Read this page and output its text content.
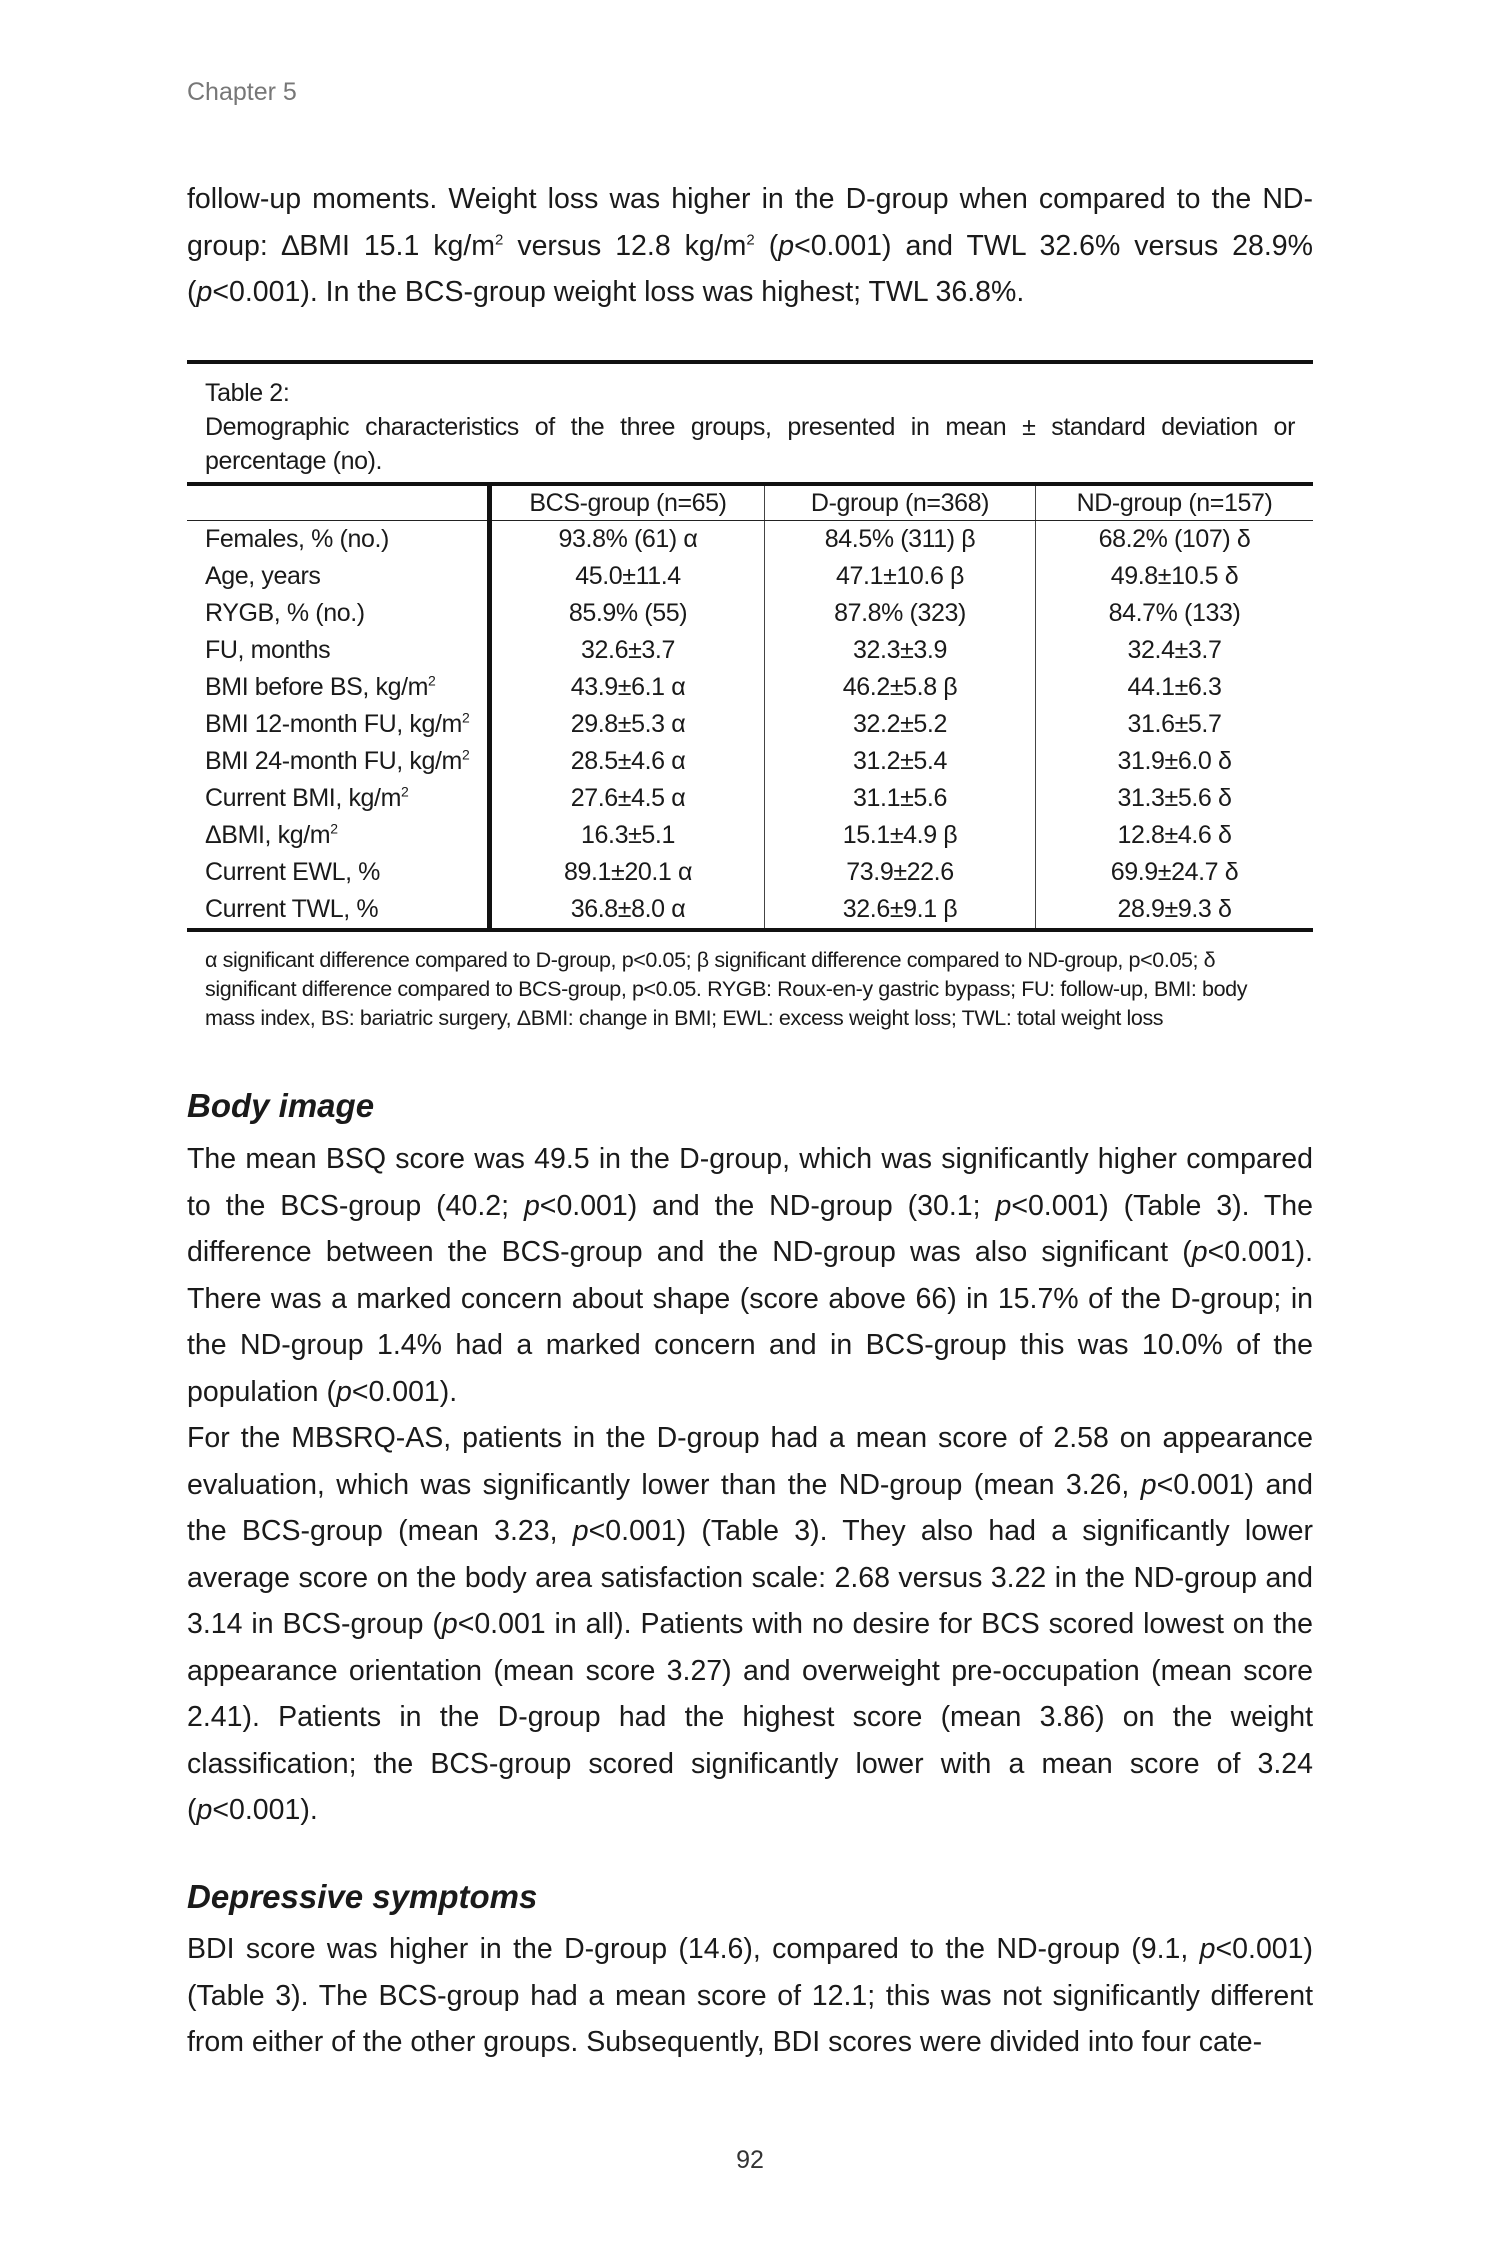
Chapter 5

follow-up moments. Weight loss was higher in the D-group when compared to the ND-group: ∆BMI 15.1 $kg/m^2$ versus 12.8 $kg/m^2$ (p<0.001) and TWL 32.6% versus 28.9% (p<0.001). In the BCS-group weight loss was highest; TWL 36.8%.

Table 2:
Demographic characteristics of the three groups, presented in mean ± standard deviation or percentage (no).
	BCS-group (n=65)	D-group (n=368)	ND-group (n=157)
Females, % (no.)	93.8% (61) α	84.5% (311) β	68.2% (107) δ
Age, years	45.0±11.4	47.1±10.6 β	49.8±10.5 δ
RYGB, % (no.)	85.9% (55)	87.8% (323)	84.7% (133)
FU, months	32.6±3.7	32.3±3.9	32.4±3.7
BMI before BS, $kg/m^2$	43.9±6.1 α	46.2±5.8 β	44.1±6.3
BMI 12-month FU, $kg/m^2$	29.8±5.3 α	32.2±5.2	31.6±5.7
BMI 24-month FU, $kg/m^2$	28.5±4.6 α	31.2±5.4	31.9±6.0 δ
Current BMI, $kg/m^2$	27.6±4.5 α	31.1±5.6	31.3±5.6 δ
ΔBMI, $kg/m^2$	16.3±5.1	15.1±4.9 β	12.8±4.6 δ
Current EWL, %	89.1±20.1 α	73.9±22.6	69.9±24.7 δ
Current TWL, %	36.8±8.0 α	32.6±9.1 β	28.9±9.3 δ
α significant difference compared to D-group, p<0.05; β significant difference compared to ND-group, p<0.05; δ significant difference compared to BCS-group, p<0.05. RYGB: Roux-en-y gastric bypass; FU: follow-up, BMI: body mass index, BS: bariatric surgery, ΔBMI: change in BMI; EWL: excess weight loss; TWL: total weight loss
Body image

The mean BSQ score was 49.5 in the D-group, which was significantly higher compared to the BCS-group (40.2; p<0.001) and the ND-group (30.1; p<0.001) (Table 3). The difference between the BCS-group and the ND-group was also significant (p<0.001). There was a marked concern about shape (score above 66) in 15.7% of the D-group; in the ND-group 1.4% had a marked concern and in BCS-group this was 10.0% of the population (p<0.001).

For the MBSRQ-AS, patients in the D-group had a mean score of 2.58 on appearance evaluation, which was significantly lower than the ND-group (mean 3.26, p<0.001) and the BCS-group (mean 3.23, p<0.001) (Table 3). They also had a significantly lower average score on the body area satisfaction scale: 2.68 versus 3.22 in the ND-group and 3.14 in BCS-group (p<0.001 in all). Patients with no desire for BCS scored lowest on the appearance orientation (mean score 3.27) and overweight pre-occupation (mean score 2.41). Patients in the D-group had the highest score (mean 3.86) on the weight classification; the BCS-group scored significantly lower with a mean score of 3.24 (p<0.001).

Depressive symptoms

BDI score was higher in the D-group (14.6), compared to the ND-group (9.1, p<0.001) (Table 3). The BCS-group had a mean score of 12.1; this was not significantly different from either of the other groups. Subsequently, BDI scores were divided into four cate-

92
